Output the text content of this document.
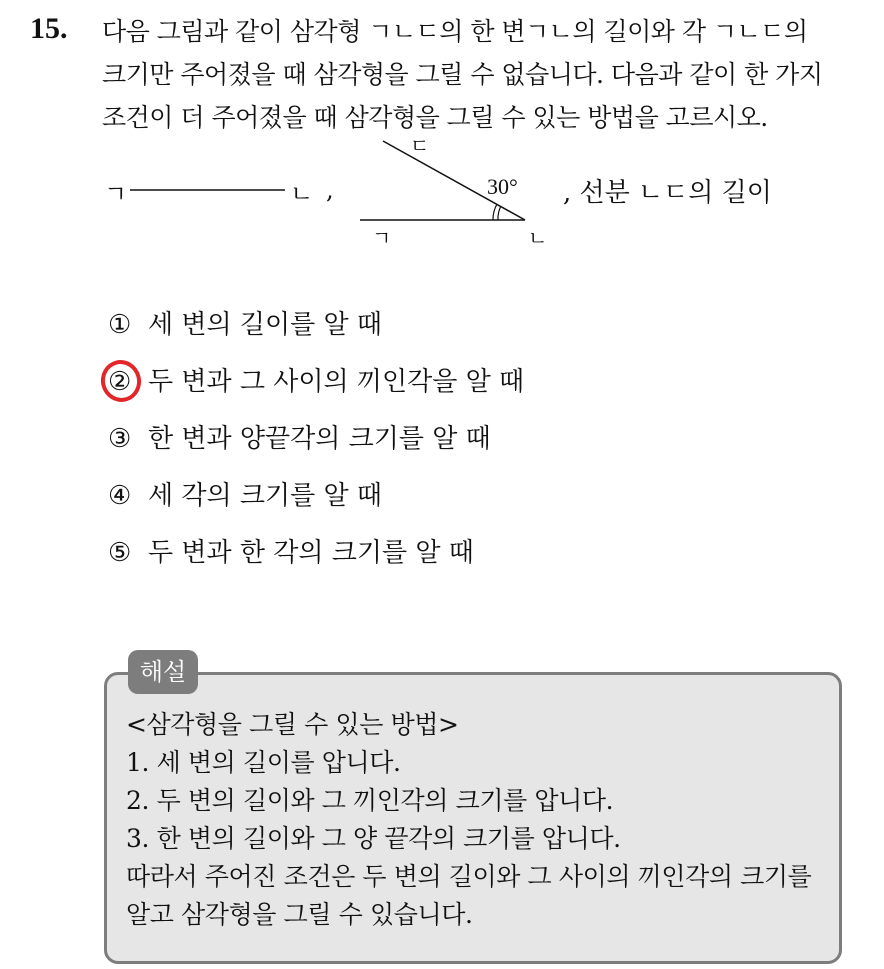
15. 다음 그림과 같이 삼각형 ㄱㄴㄷ의 한 변ㄱㄴ의 길이와 각 ㄱㄴㄷ의
크기만 주어졌을 때 삼각형을 그릴 수 없습니다. 다음과 같이 한 가지
조건이 더 주어졌을 때 삼각형을 그릴 수 있는 방법을 고르시오.
ㄱ	ㄴ ,
ㄷ
30°
ㄱ	ㄴ
, 선분 ㄴㄷ의 길이
① 세 변의 길이를 알 때
② 두 변과 그 사이의 끼인각을 알 때
③ 한 변과 양끝각의 크기를 알 때
④ 세 각의 크기를 알 때
⑤ 두 변과 한 각의 크기를 알 때
해설
<삼각형을 그릴 수 있는 방법>
1. 세 변의 길이를 압니다.
2. 두 변의 길이와 그 끼인각의 크기를 압니다.
3. 한 변의 길이와 그 양 끝각의 크기를 압니다.
따라서 주어진 조건은 두 변의 길이와 그 사이의 끼인각의 크기를
알고 삼각형을 그릴 수 있습니다.
